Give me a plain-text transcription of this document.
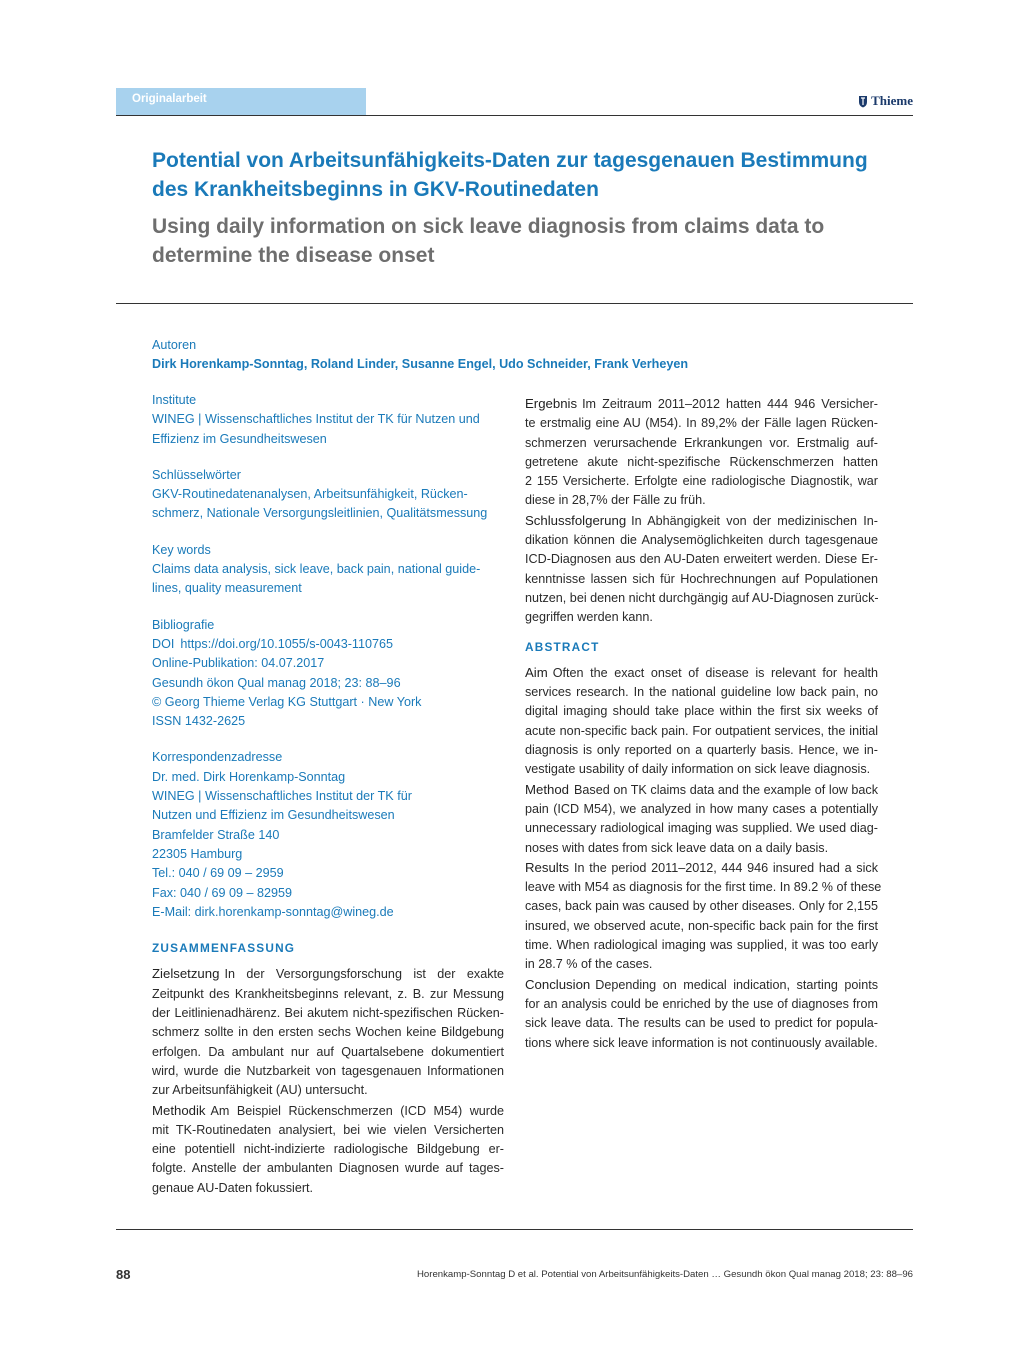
Originalarbeit	Thieme
Potential von Arbeitsunfähigkeits-Daten zur tagesgenauen Bestimmung des Krankheitsbeginns in GKV-Routinedaten
Using daily information on sick leave diagnosis from claims data to determine the disease onset
Autoren
Dirk Horenkamp-Sonntag, Roland Linder, Susanne Engel, Udo Schneider, Frank Verheyen
Institute
WINEG | Wissenschaftliches Institut der TK für Nutzen und
Effizienz im Gesundheitswesen
Schlüsselwörter
GKV-Routinedatenanalysen, Arbeitsunfähigkeit, Rücken-
schmerz, Nationale Versorgungsleitlinien, Qualitätsmessung
Key words
Claims data analysis, sick leave, back pain, national guide-
lines, quality measurement
Bibliografie
DOI https://doi.org/10.1055/s-0043-110765
Online-Publikation: 04.07.2017
Gesundh ökon Qual manag 2018; 23: 88–96
© Georg Thieme Verlag KG Stuttgart · New York
ISSN 1432-2625
Korrespondenzadresse
Dr. med. Dirk Horenkamp-Sonntag
WINEG | Wissenschaftliches Institut der TK für
Nutzen und Effizienz im Gesundheitswesen
Bramfelder Straße 140
22305 Hamburg
Tel.: 040 / 69 09 – 2959
Fax: 040 / 69 09 – 82959
E-Mail: dirk.horenkamp-sonntag@wineg.de
ZUSAMMENFASSUNG
Zielsetzung In der Versorgungsforschung ist der exakte
Zeitpunkt des Krankheitsbeginns relevant, z. B. zur Messung
der Leitlinienadhärenz. Bei akutem nicht-spezifischen Rücken-
schmerz sollte in den ersten sechs Wochen keine Bildgebung
erfolgen. Da ambulant nur auf Quartalsebene dokumentiert
wird, wurde die Nutzbarkeit von tagesgenauen Informationen
zur Arbeitsunfähigkeit (AU) untersucht.
Methodik Am Beispiel Rückenschmerzen (ICD M54) wurde
mit TK-Routinedaten analysiert, bei wie vielen Versicherten
eine potentiell nicht-indizierte radiologische Bildgebung er-
folgte. Anstelle der ambulanten Diagnosen wurde auf tages-
genaue AU-Daten fokussiert.
Ergebnis Im Zeitraum 2011–2012 hatten 444 946 Versicher-
te erstmalig eine AU (M54). In 89,2% der Fälle lagen Rücken-
schmerzen verursachende Erkrankungen vor. Erstmalig auf-
getretene akute nicht-spezifische Rückenschmerzen hatten
2 155 Versicherte. Erfolgte eine radiologische Diagnostik, war
diese in 28,7% der Fälle zu früh.
Schlussfolgerung In Abhängigkeit von der medizinischen In-
dikation können die Analysemöglichkeiten durch tagesgenaue
ICD-Diagnosen aus den AU-Daten erweitert werden. Diese Er-
kenntnisse lassen sich für Hochrechnungen auf Populationen
nutzen, bei denen nicht durchgängig auf AU-Diagnosen zurück-
gegriffen werden kann.
ABSTRACT
Aim Often the exact onset of disease is relevant for health
services research. In the national guideline low back pain, no
digital imaging should take place within the first six weeks of
acute non-specific back pain. For outpatient services, the initial
diagnosis is only reported on a quarterly basis. Hence, we in-
vestigate usability of daily information on sick leave diagnosis.
Method Based on TK claims data and the example of low back
pain (ICD M54), we analyzed in how many cases a potentially
unnecessary radiological imaging was supplied. We used diag-
noses with dates from sick leave data on a daily basis.
Results In the period 2011–2012, 444 946 insured had a sick
leave with M54 as diagnosis for the first time. In 89.2 % of these
cases, back pain was caused by other diseases. Only for 2,155
insured, we observed acute, non-specific back pain for the first
time. When radiological imaging was supplied, it was too early
in 28.7 % of the cases.
Conclusion Depending on medical indication, starting points
for an analysis could be enriched by the use of diagnoses from
sick leave data. The results can be used to predict for popula-
tions where sick leave information is not continuously available.
88	Horenkamp-Sonntag D et al. Potential von Arbeitsunfähigkeits-Daten … Gesundh ökon Qual manag 2018; 23: 88–96
